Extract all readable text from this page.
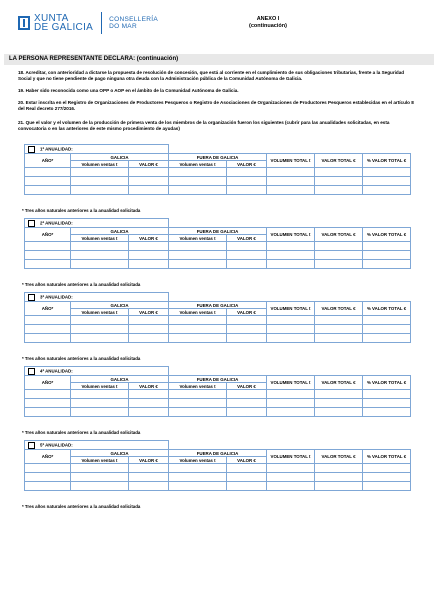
XUNTA
DE GALICIA
CONSELLERÍA
DO MAR
ANEXO I
(continuación)
LA PERSONA REPRESENTANTE DECLARA: (continuación)
18. Acreditar, con anterioridad a dictarse la propuesta de resolución de concesión, que está al corriente en el cumplimiento de sus obligaciones tributarias, frente a la Seguridad Social y que no tiene pendiente de pago ninguna otra deuda con la Administración pública de la Comunidad Autónoma de Galicia.
19. Haber sido reconocida como una OPP o AOP en el ámbito de la Comunidad Autónoma de Galicia.
20. Estar inscrita en el Registro de Organizaciones de Productores Pesqueros o Registro de Asociaciones de Organizaciones de Productores Pesqueros establecidas en el artículo 8 del Real decreto 277/2016.
21. Que el valor y el volumen de la producción de primera venta de los miembros de la organización fueron los siguientes (cubrir para las anualidades solicitadas, en esta convocatoria o en las anteriores de este mismo procedimiento de ayudas)
1ª ANUALIDAD:							
AÑO*	GALICIA		FUERA DE GALICIA		VOLUMEN TOTAL t	VALOR TOTAL €	% VALOR TOTAL €
	Volumen ventas t	VALOR €	Volumen ventas t	VALOR €			

* Tres años naturales anteriores a la anualidad solicitada
2ª ANUALIDAD:							
AÑO*	GALICIA		FUERA DE GALICIA		VOLUMEN TOTAL t	VALOR TOTAL €	% VALOR TOTAL €
	Volumen ventas t	VALOR €	Volumen ventas t	VALOR €			

* Tres años naturales anteriores a la anualidad solicitada
3ª ANUALIDAD:							
AÑO*	GALICIA		FUERA DE GALICIA		VOLUMEN TOTAL t	VALOR TOTAL €	% VALOR TOTAL €
	Volumen ventas t	VALOR €	Volumen ventas t	VALOR €			

* Tres años naturales anteriores a la anualidad solicitada
4ª ANUALIDAD:							
AÑO*	GALICIA		FUERA DE GALICIA		VOLUMEN TOTAL t	VALOR TOTAL €	% VALOR TOTAL €
	Volumen ventas t	VALOR €	Volumen ventas t	VALOR €			

* Tres años naturales anteriores a la anualidad solicitada
5ª ANUALIDAD:							
AÑO*	GALICIA		FUERA DE GALICIA		VOLUMEN TOTAL t	VALOR TOTAL €	% VALOR TOTAL €
	Volumen ventas t	VALOR €	Volumen ventas t	VALOR €			

* Tres años naturales anteriores a la anualidad solicitada
